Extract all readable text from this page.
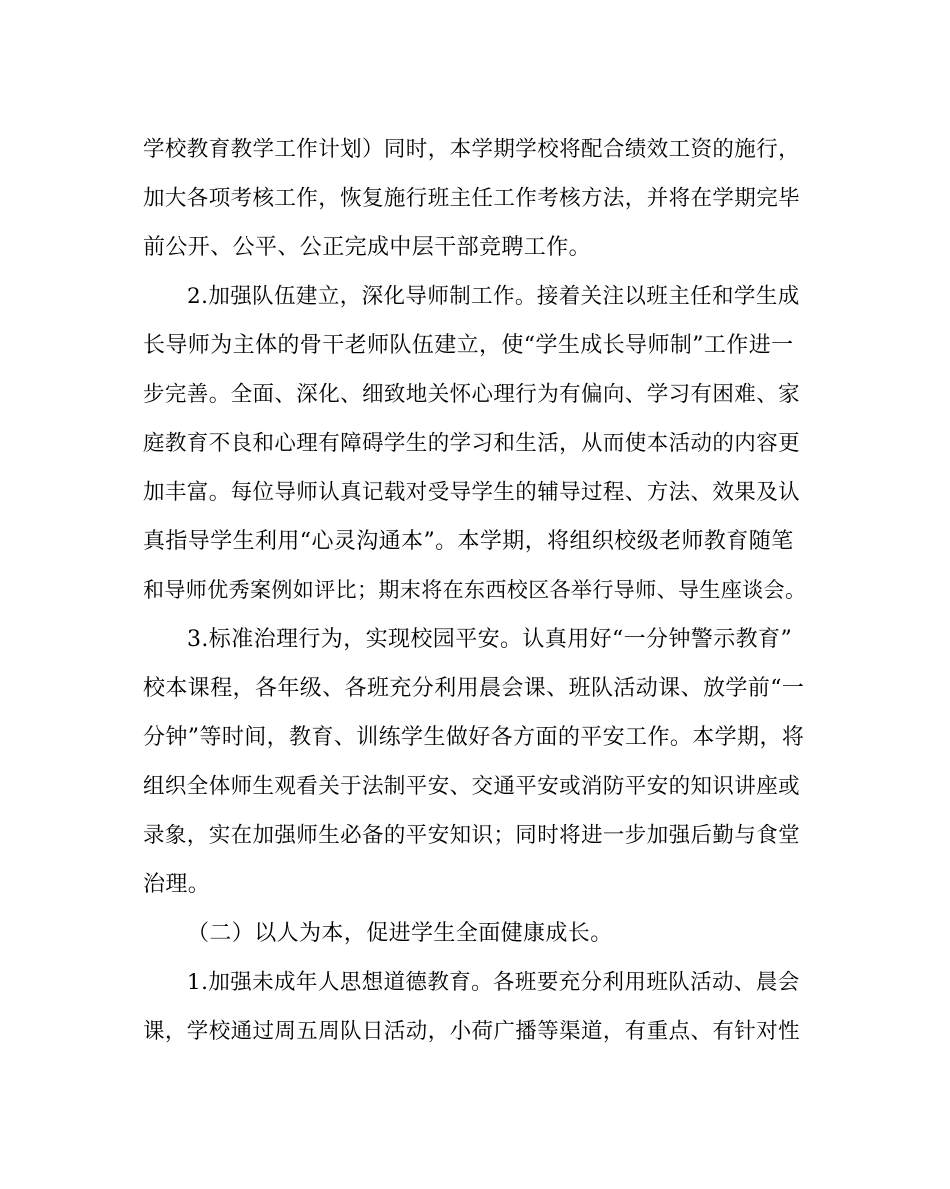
学校教育教学工作计划）同时，本学期学校将配合绩效工资的施行，
加大各项考核工作，恢复施行班主任工作考核方法，并将在学期完毕
前公开、公平、公正完成中层干部竞聘工作。
2.加强队伍建立，深化导师制工作。接着关注以班主任和学生成
长导师为主体的骨干老师队伍建立，使“学生成长导师制”工作进一
步完善。全面、深化、细致地关怀心理行为有偏向、学习有困难、家
庭教育不良和心理有障碍学生的学习和生活，从而使本活动的内容更
加丰富。每位导师认真记载对受导学生的辅导过程、方法、效果及认
真指导学生利用“心灵沟通本”。本学期，将组织校级老师教育随笔
和导师优秀案例如评比；期末将在东西校区各举行导师、导生座谈会。
3.标准治理行为，实现校园平安。认真用好“一分钟警示教育”
校本课程，各年级、各班充分利用晨会课、班队活动课、放学前“一
分钟”等时间，教育、训练学生做好各方面的平安工作。本学期，将
组织全体师生观看关于法制平安、交通平安或消防平安的知识讲座或
录象，实在加强师生必备的平安知识；同时将进一步加强后勤与食堂
治理。
（二）以人为本，促进学生全面健康成长。
1.加强未成年人思想道德教育。各班要充分利用班队活动、晨会
课，学校通过周五周队日活动，小荷广播等渠道，有重点、有针对性
